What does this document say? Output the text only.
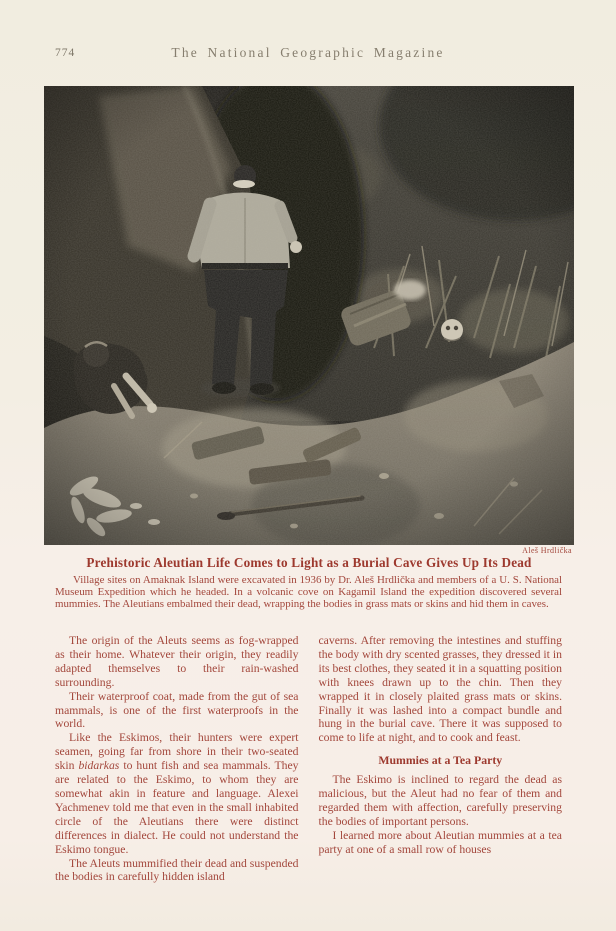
774	The National Geographic Magazine
Aleš Hrdlička
Prehistoric Aleutian Life Comes to Light as a Burial Cave Gives Up Its Dead

Village sites on Amaknak Island were excavated in 1936 by Dr. Aleš Hrdlička and members of a U. S. National Museum Expedition which he headed. In a volcanic cove on Kagamil Island the expedition discovered several mummies. The Aleutians embalmed their dead, wrapping the bodies in grass mats or skins and hid them in caves.

The origin of the Aleuts seems as fog-wrapped as their home. Whatever their origin, they readily adapted themselves to their rain-washed surrounding.

Their waterproof coat, made from the gut of sea mammals, is one of the first waterproofs in the world.

Like the Eskimos, their hunters were expert seamen, going far from shore in their two-seated skin bidarkas to hunt fish and sea mammals. They are related to the Eskimo, to whom they are somewhat akin in feature and language. Alexei Yachmenev told me that even in the small inhabited circle of the Aleutians there were distinct differences in dialect. He could not understand the Eskimo tongue.

The Aleuts mummified their dead and suspended the bodies in carefully hidden island

caverns. After removing the intestines and stuffing the body with dry scented grasses, they dressed it in its best clothes, they seated it in a squatting position with knees drawn up to the chin. Then they wrapped it in closely plaited grass mats or skins. Finally it was lashed into a compact bundle and hung in the burial cave. There it was supposed to come to life at night, and to cook and feast.

Mummies at a Tea Party

The Eskimo is inclined to regard the dead as malicious, but the Aleut had no fear of them and regarded them with affection, carefully preserving the bodies of important persons.

I learned more about Aleutian mummies at a tea party at one of a small row of houses
